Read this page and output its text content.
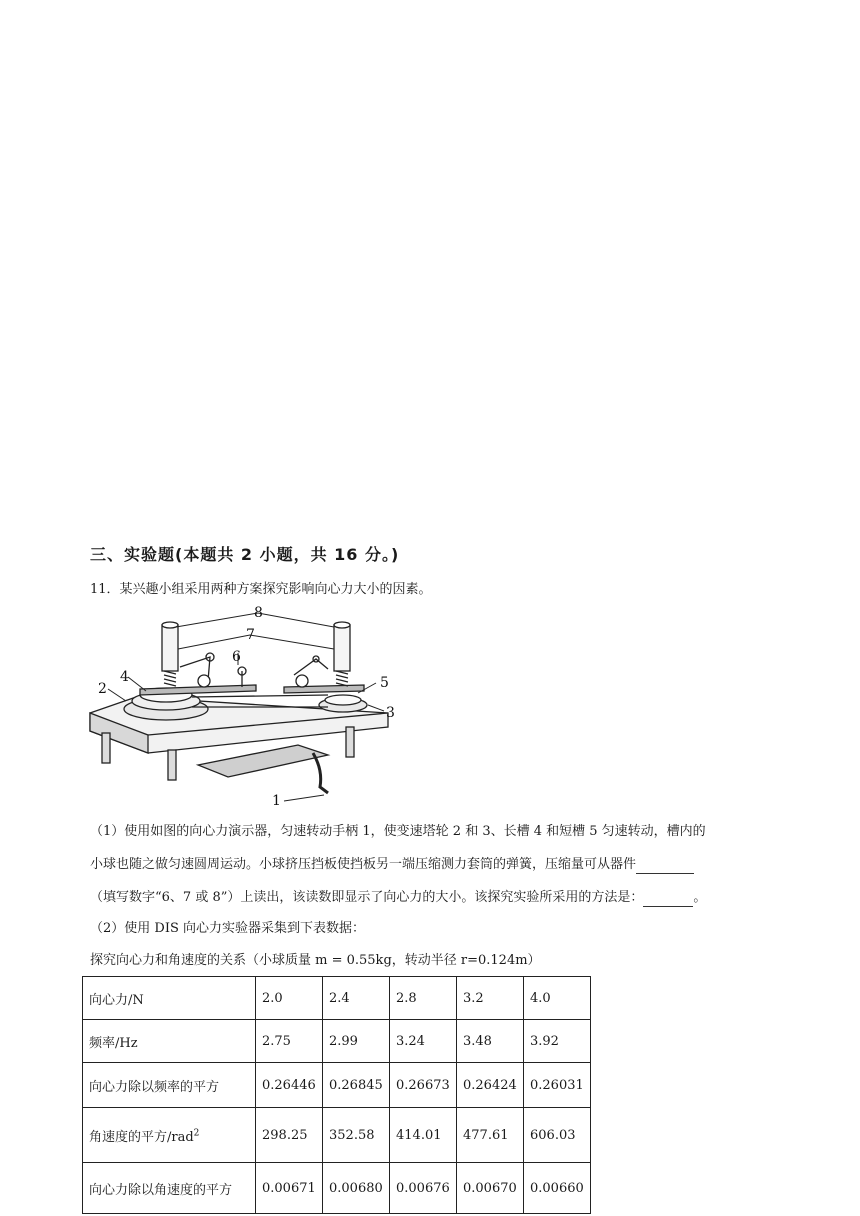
三、实验题(本题共 2 小题，共 16 分。)
11．某兴趣小组采用两种方案探究影响向心力大小的因素。
1
2
3
4	5
6
7
8
（1）使用如图的向心力演示器，匀速转动手柄 1，使变速塔轮 2 和 3、长槽 4 和短槽 5 匀速转动，槽内的
小球也随之做匀速圆周运动。小球挤压挡板使挡板另一端压缩测力套筒的弹簧，压缩量可从器件
（填写数字“6、7 或 8”）上读出，该读数即显示了向心力的大小。该探究实验所采用的方法是：	。
（2）使用 DIS 向心力实验器采集到下表数据：
探究向心力和角速度的关系（小球质量 m = 0.55kg，转动半径 r=0.124m）
向心力/N	2.0	2.4	2.8	3.2	4.0
频率/Hz	2.75	2.99	3.24	3.48	3.92
向心力除以频率的平方	0.26446	0.26845	0.26673	0.26424	0.26031
角速度的平方/rad$^2$	298.25	352.58	414.01	477.61	606.03
向心力除以角速度的平方	0.00671	0.00680	0.00676	0.00670	0.00660
